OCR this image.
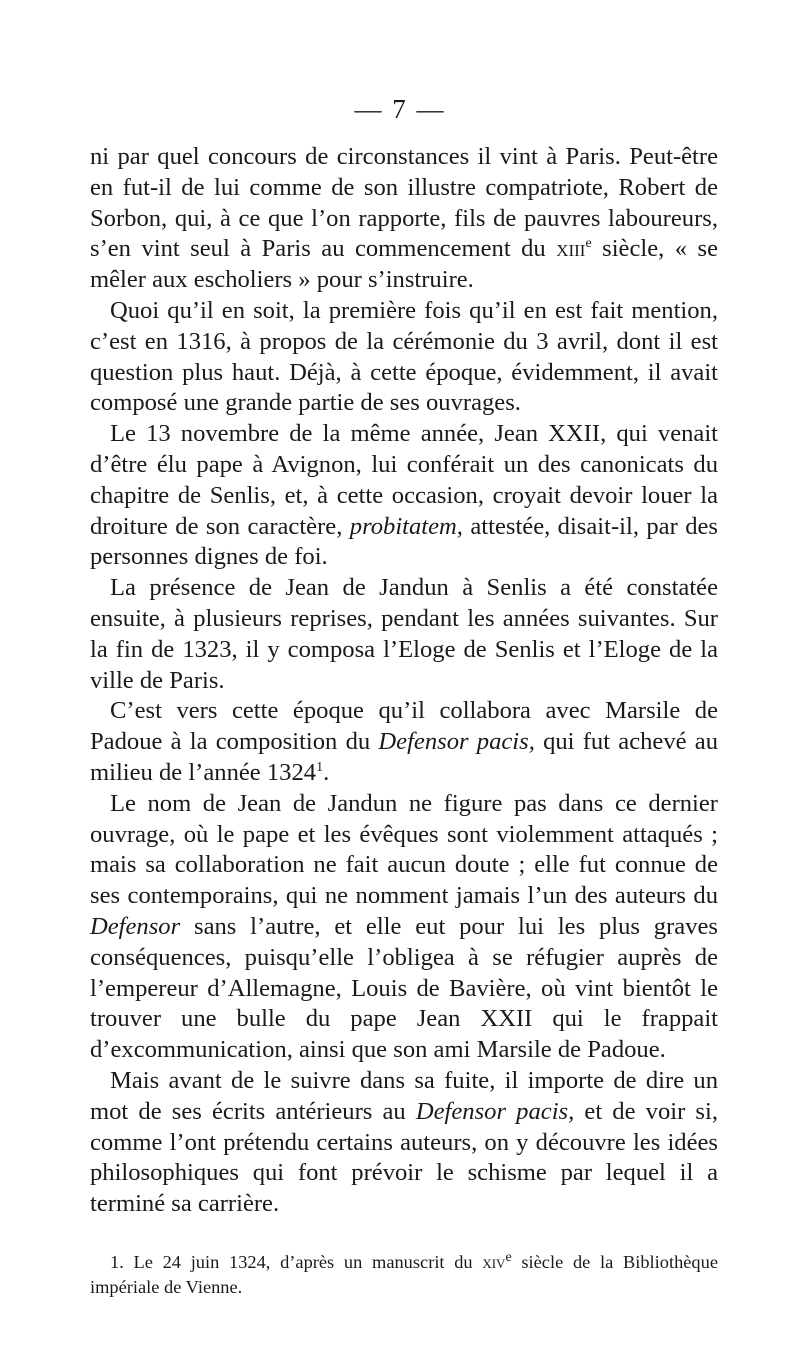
— 7 —

ni par quel concours de circonstances il vint à Paris. Peut-être en fut-il de lui comme de son illustre compatriote, Robert de Sorbon, qui, à ce que l’on rapporte, fils de pauvres laboureurs, s’en vint seul à Paris au commencement du xiii$^e$ siècle, « se mêler aux escholiers » pour s’instruire.

Quoi qu’il en soit, la première fois qu’il en est fait mention, c’est en 1316, à propos de la cérémonie du 3 avril, dont il est question plus haut. Déjà, à cette époque, évidemment, il avait composé une grande partie de ses ouvrages.

Le 13 novembre de la même année, Jean XXII, qui venait d’être élu pape à Avignon, lui conférait un des canonicats du chapitre de Senlis, et, à cette occasion, croyait devoir louer la droiture de son caractère, probitatem, attestée, disait-il, par des personnes dignes de foi.

La présence de Jean de Jandun à Senlis a été constatée ensuite, à plusieurs reprises, pendant les années suivantes. Sur la fin de 1323, il y composa l’Eloge de Senlis et l’Eloge de la ville de Paris.

C’est vers cette époque qu’il collabora avec Marsile de Padoue à la composition du Defensor pacis, qui fut achevé au milieu de l’année 1324$^1$.

Le nom de Jean de Jandun ne figure pas dans ce dernier ouvrage, où le pape et les évêques sont violemment attaqués ; mais sa collaboration ne fait aucun doute ; elle fut connue de ses contemporains, qui ne nomment jamais l’un des auteurs du Defensor sans l’autre, et elle eut pour lui les plus graves conséquences, puisqu’elle l’obligea à se réfugier auprès de l’empereur d’Allemagne, Louis de Bavière, où vint bientôt le trouver une bulle du pape Jean XXII qui le frappait d’excommunication, ainsi que son ami Marsile de Padoue.

Mais avant de le suivre dans sa fuite, il importe de dire un mot de ses écrits antérieurs au Defensor pacis, et de voir si, comme l’ont prétendu certains auteurs, on y découvre les idées philosophiques qui font prévoir le schisme par lequel il a terminé sa carrière.

1. Le 24 juin 1324, d’après un manuscrit du xiv$^e$ siècle de la Bibliothèque impériale de Vienne.
